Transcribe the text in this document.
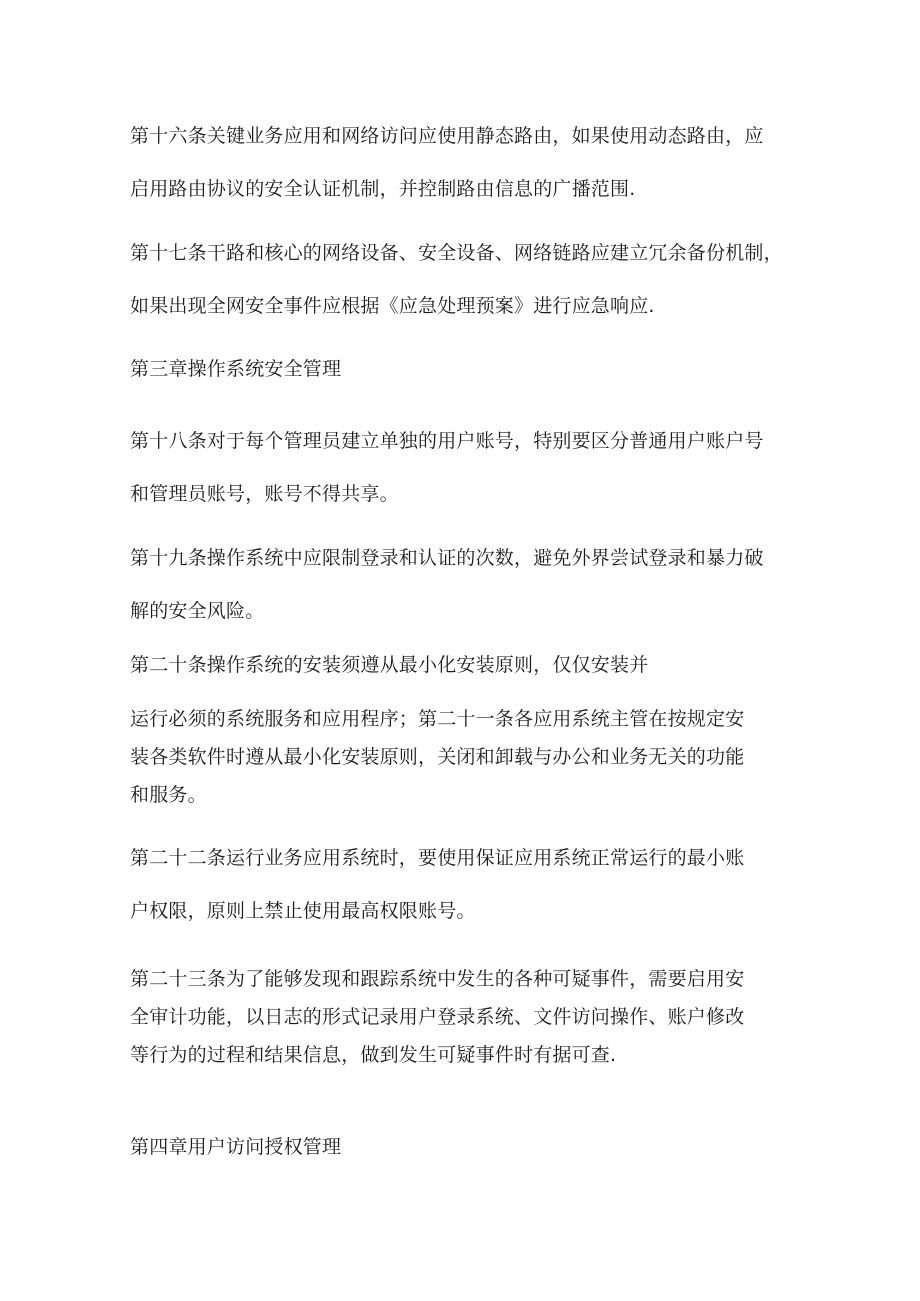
第十六条关键业务应用和网络访问应使用静态路由，如果使用动态路由，应
启用路由协议的安全认证机制，并控制路由信息的广播范围.
第十七条干路和核心的网络设备、安全设备、网络链路应建立冗余备份机制，
如果出现全网安全事件应根据《应急处理预案》进行应急响应.
第三章操作系统安全管理
第十八条对于每个管理员建立单独的用户账号，特别要区分普通用户账户号
和管理员账号，账号不得共享。
第十九条操作系统中应限制登录和认证的次数，避免外界尝试登录和暴力破
解的安全风险。
第二十条操作系统的安装须遵从最小化安装原则，仅仅安装并
运行必须的系统服务和应用程序；第二十一条各应用系统主管在按规定安
装各类软件时遵从最小化安装原则，关闭和卸载与办公和业务无关的功能
和服务。
第二十二条运行业务应用系统时，要使用保证应用系统正常运行的最小账
户权限，原则上禁止使用最高权限账号。
第二十三条为了能够发现和跟踪系统中发生的各种可疑事件，需要启用安
全审计功能，以日志的形式记录用户登录系统、文件访问操作、账户修改
等行为的过程和结果信息，做到发生可疑事件时有据可查.
第四章用户访问授权管理
